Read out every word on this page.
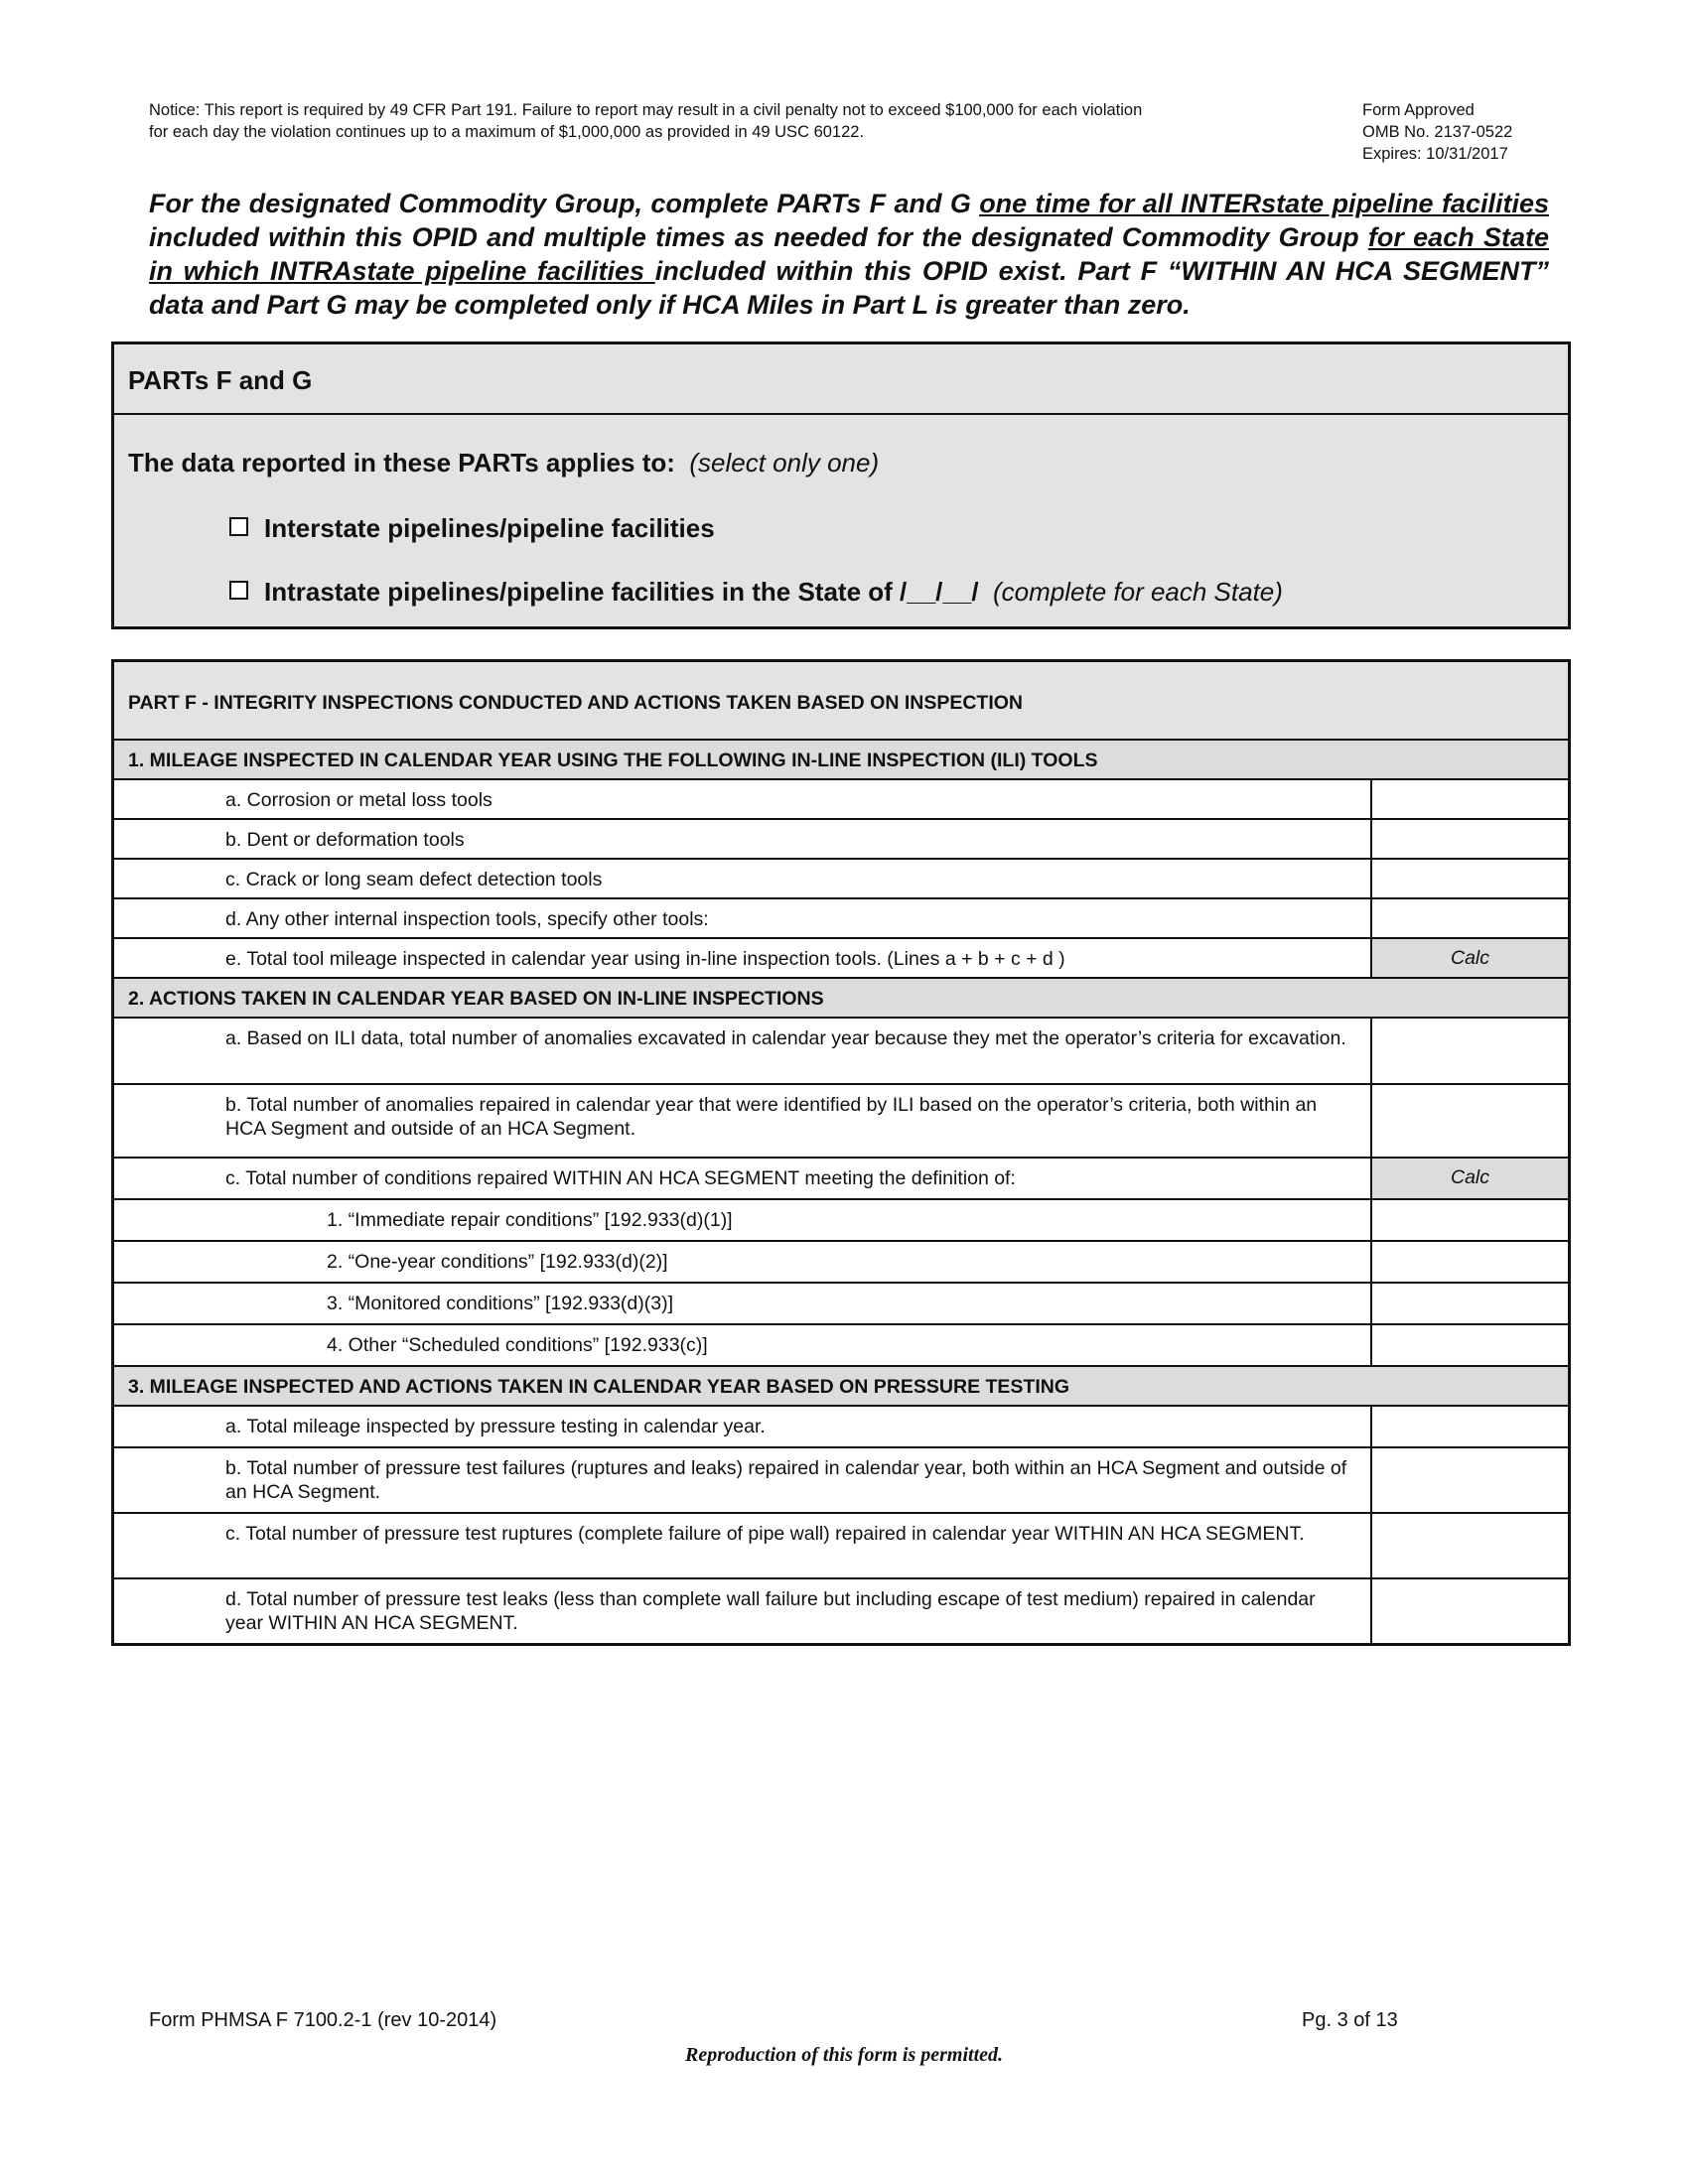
Notice: This report is required by 49 CFR Part 191. Failure to report may result in a civil penalty not to exceed $100,000 for each violation
for each day the violation continues up to a maximum of $1,000,000 as provided in 49 USC 60122.
Form Approved
OMB No. 2137-0522
Expires: 10/31/2017
For the designated Commodity Group, complete PARTs F and G one time for all INTERstate pipeline facilities included within this OPID and multiple times as needed for the designated Commodity Group for each State in which INTRAstate pipeline facilities included within this OPID exist. Part F “WITHIN AN HCA SEGMENT” data and Part G may be completed only if HCA Miles in Part L is greater than zero.
PARTs F and G
The data reported in these PARTs applies to: (select only one)
Interstate pipelines/pipeline facilities
Intrastate pipelines/pipeline facilities in the State of /__/__/ (complete for each State)
PART F - INTEGRITY INSPECTIONS CONDUCTED AND ACTIONS TAKEN BASED ON INSPECTION
1. MILEAGE INSPECTED IN CALENDAR YEAR USING THE FOLLOWING IN-LINE INSPECTION (ILI) TOOLS
a. Corrosion or metal loss tools
b. Dent or deformation tools
c. Crack or long seam defect detection tools
d. Any other internal inspection tools, specify other tools:
e. Total tool mileage inspected in calendar year using in-line inspection tools. (Lines a + b + c + d )	Calc
2. ACTIONS TAKEN IN CALENDAR YEAR BASED ON IN-LINE INSPECTIONS
a. Based on ILI data, total number of anomalies excavated in calendar year because they met the operator’s criteria for excavation.
b. Total number of anomalies repaired in calendar year that were identified by ILI based on the operator’s criteria, both within an HCA Segment and outside of an HCA Segment.
c. Total number of conditions repaired WITHIN AN HCA SEGMENT meeting the definition of:	Calc
1. “Immediate repair conditions” [192.933(d)(1)]
2. “One-year conditions” [192.933(d)(2)]
3. “Monitored conditions” [192.933(d)(3)]
4. Other “Scheduled conditions” [192.933(c)]
3. MILEAGE INSPECTED AND ACTIONS TAKEN IN CALENDAR YEAR BASED ON PRESSURE TESTING
a. Total mileage inspected by pressure testing in calendar year.
b. Total number of pressure test failures (ruptures and leaks) repaired in calendar year, both within an HCA Segment and outside of an HCA Segment.
c. Total number of pressure test ruptures (complete failure of pipe wall) repaired in calendar year WITHIN AN HCA SEGMENT.
d. Total number of pressure test leaks (less than complete wall failure but including escape of test medium) repaired in calendar year WITHIN AN HCA SEGMENT.
Form PHMSA F 7100.2-1 (rev 10-2014)	Pg. 3 of 13
Reproduction of this form is permitted.
